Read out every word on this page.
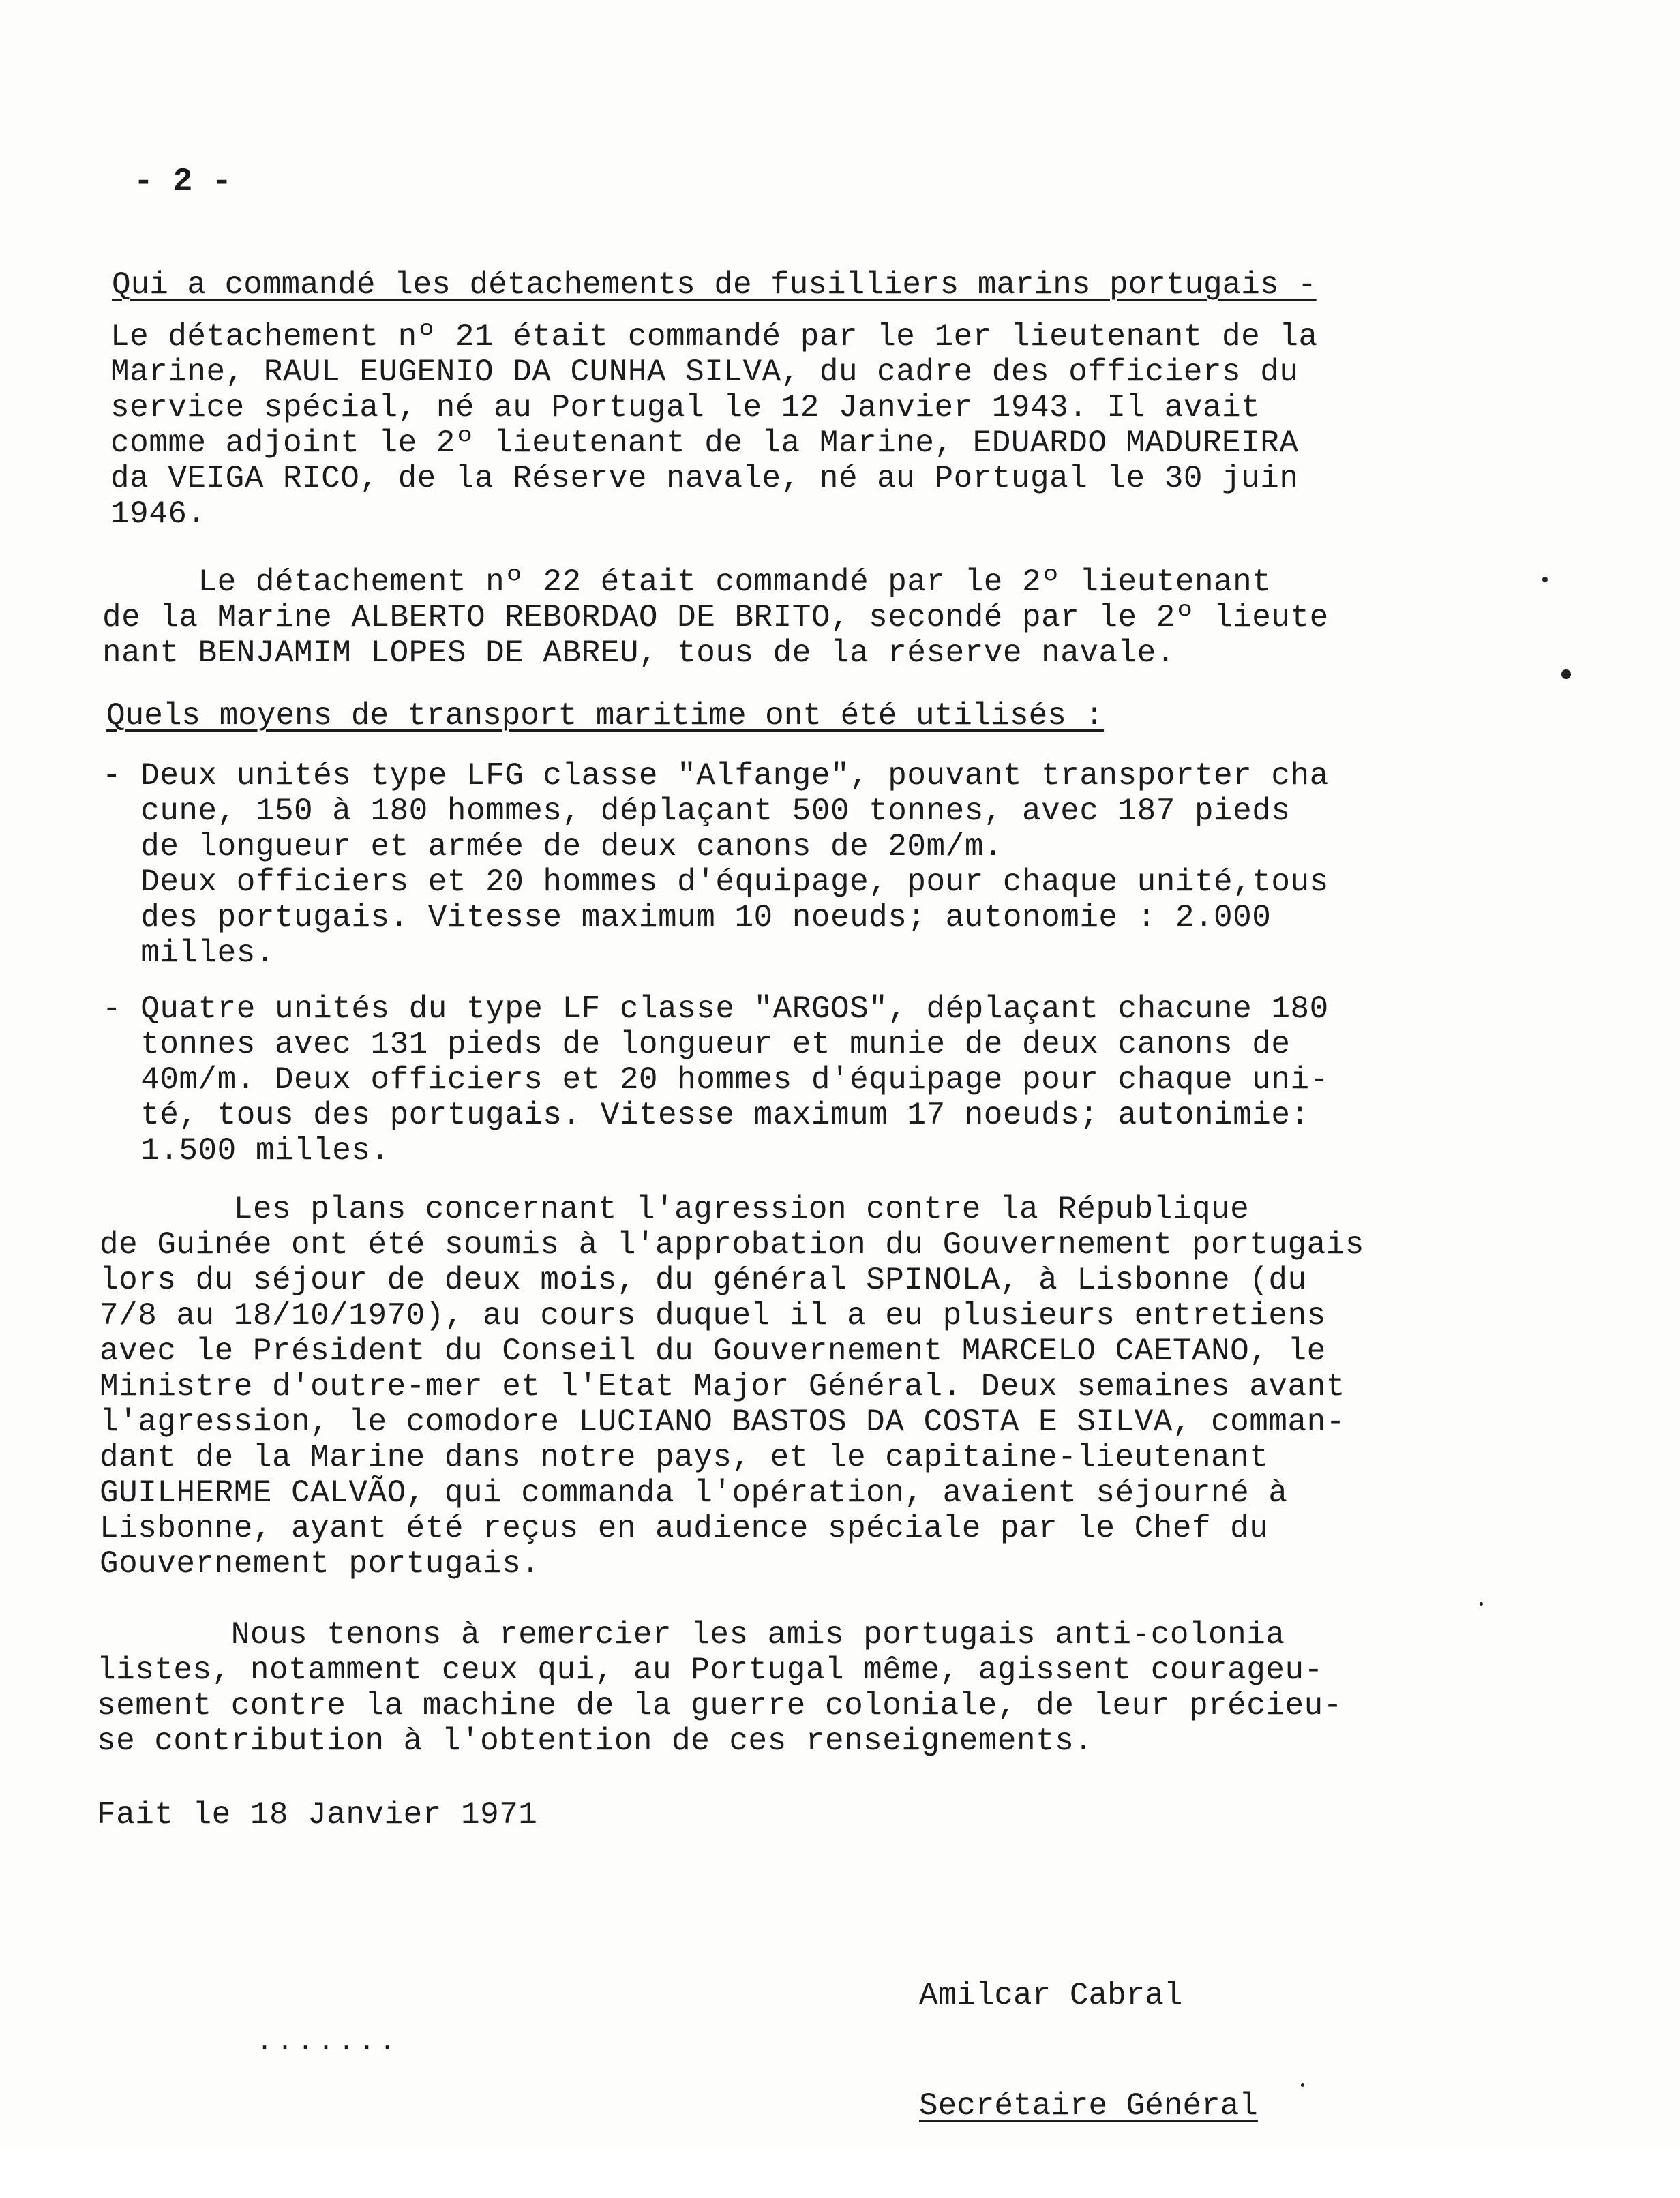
- 2 -
Qui a commandé les détachements de fusilliers marins portugais -
Le détachement nº 21 était commandé par le 1er lieutenant de la
Marine, RAUL EUGENIO DA CUNHA SILVA, du cadre des officiers du
service spécial, né au Portugal le 12 Janvier 1943. Il avait
comme adjoint le 2º lieutenant de la Marine, EDUARDO MADUREIRA
da VEIGA RICO, de la Réserve navale, né au Portugal le 30 juin
1946.
Le détachement nº 22 était commandé par le 2º lieutenant
de la Marine ALBERTO REBORDAO DE BRITO, secondé par le 2º lieute
nant BENJAMIM LOPES DE ABREU, tous de la réserve navale.
Quels moyens de transport maritime ont été utilisés :
- Deux unités type LFG classe "Alfange", pouvant transporter cha
cune, 150 à 180 hommes, déplaçant 500 tonnes, avec 187 pieds
de longueur et armée de deux canons de 20m/m.
Deux officiers et 20 hommes d'équipage, pour chaque unité,tous
des portugais. Vitesse maximum 10 noeuds; autonomie : 2.000
milles.
- Quatre unités du type LF classe "ARGOS", déplaçant chacune 180
tonnes avec 131 pieds de longueur et munie de deux canons de
40m/m. Deux officiers et 20 hommes d'équipage pour chaque uni-
té, tous des portugais. Vitesse maximum 17 noeuds; autonimie:
1.500 milles.
Les plans concernant l'agression contre la République
de Guinée ont été soumis à l'approbation du Gouvernement portugais
lors du séjour de deux mois, du général SPINOLA, à Lisbonne (du
7/8 au 18/10/1970), au cours duquel il a eu plusieurs entretiens
avec le Président du Conseil du Gouvernement MARCELO CAETANO, le
Ministre d'outre-mer et l'Etat Major Général. Deux semaines avant
l'agression, le comodore LUCIANO BASTOS DA COSTA E SILVA, comman-
dant de la Marine dans notre pays, et le capitaine-lieutenant
GUILHERME CALVÃO, qui commanda l'opération, avaient séjourné à
Lisbonne, ayant été reçus en audience spéciale par le Chef du
Gouvernement portugais.
Nous tenons à remercier les amis portugais anti-colonia
listes, notamment ceux qui, au Portugal même, agissent courageu-
sement contre la machine de la guerre coloniale, de leur précieu-
se contribution à l'obtention de ces renseignements.
Fait le 18 Janvier 1971

Amilcar Cabral

Secrétaire Général

.......
